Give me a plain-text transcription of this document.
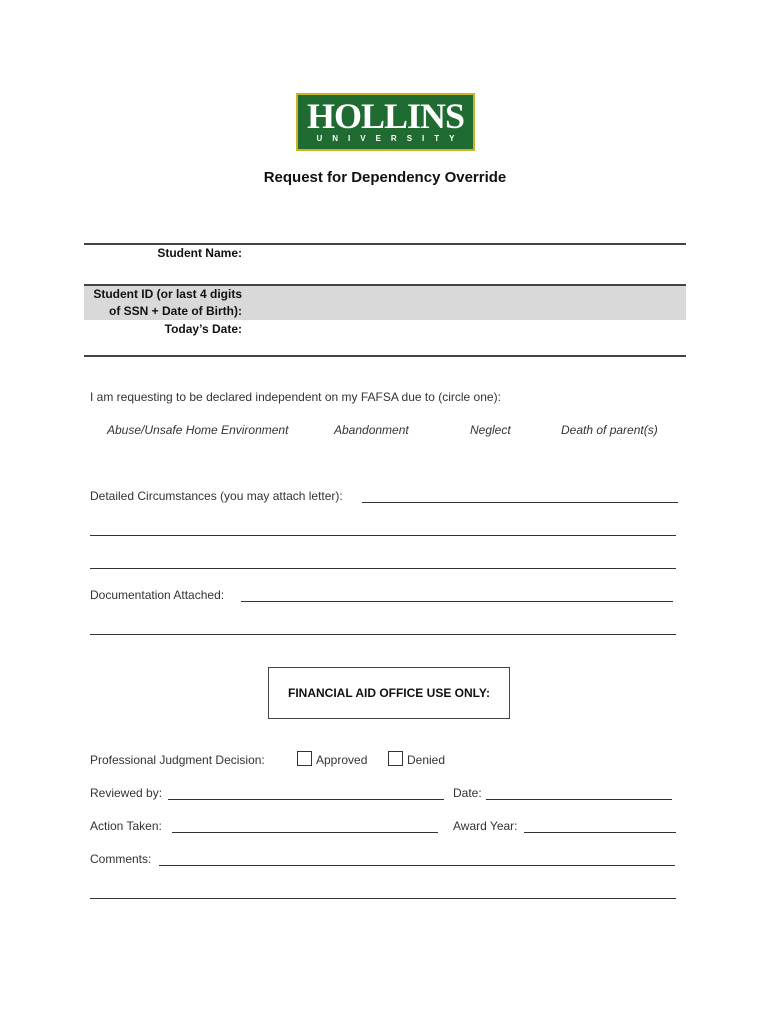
HOLLINS
UNIVERSITY
Request for Dependency Override
Student Name:
Student ID (or last 4 digits
of SSN + Date of Birth):
Today’s Date:
I am requesting to be declared independent on my FAFSA due to (circle one):
Abuse/Unsafe Home Environment	Abandonment	Neglect	Death of parent(s)
Detailed Circumstances (you may attach letter):
Documentation Attached:
FINANCIAL AID OFFICE USE ONLY:
Professional Judgment Decision:	Approved	Denied
Reviewed by:	Date:
Action Taken:	Award Year:
Comments:
